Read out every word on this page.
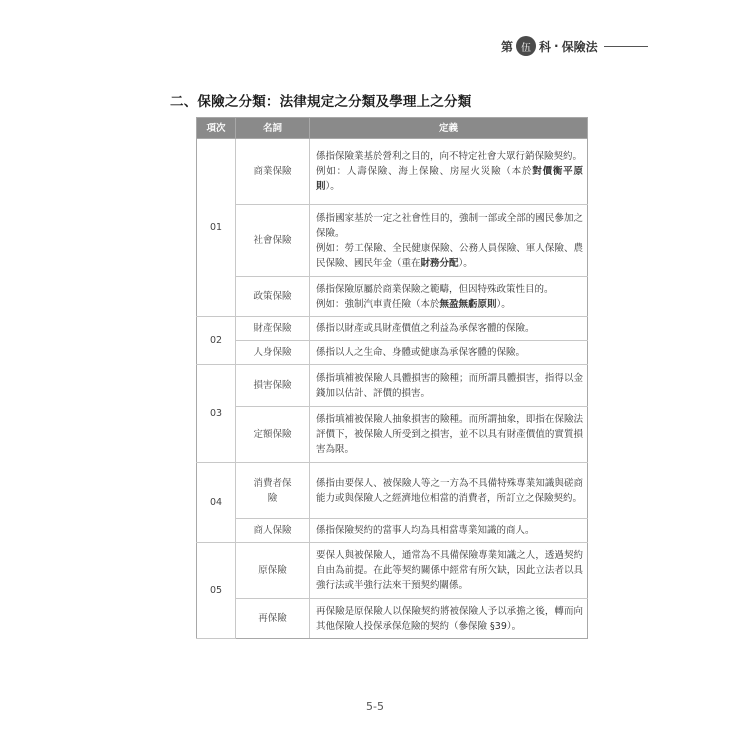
第 伍 科 · 保險法
二、保險之分類：法律規定之分類及學理上之分類
項次	名詞	定義
01	商業保險	係指保險業基於營利之目的，向不特定社會大眾行銷保險契約。
例如：人壽保險、海上保險、房屋火災險（本於對價衡平原則）。
	社會保險	係指國家基於一定之社會性目的，強制一部或全部的國民參加之保險。
例如：勞工保險、全民健康保險、公務人員保險、軍人保險、農民保險、國民年金（重在財務分配）。
	政策保險	係指保險原屬於商業保險之範疇，但因特殊政策性目的。
例如：強制汽車責任險（本於無盈無虧原則）。
02	財產保險	係指以財產或具財產價值之利益為承保客體的保險。
	人身保險	係指以人之生命、身體或健康為承保客體的保險。
03	損害保險	係指填補被保險人具體損害的險種；而所謂具體損害，指得以金錢加以估計、評價的損害。
	定額保險	係指填補被保險人抽象損害的險種。而所謂抽象，即指在保險法評價下，被保險人所受到之損害，並不以具有財產價值的實質損害為限。
04	消費者保險	係指由要保人、被保險人等之一方為不具備特殊專業知識與磋商能力或與保險人之經濟地位相當的消費者，所訂立之保險契約。
	商人保險	係指保險契約的當事人均為具相當專業知識的商人。
05	原保險	要保人與被保險人，通常為不具備保險專業知識之人，透過契約自由為前提。在此等契約關係中經常有所欠缺，因此立法者以具強行法或半強行法來干預契約關係。
	再保險	再保險是原保險人以保險契約將被保險人予以承擔之後，轉而向其他保險人投保承保危險的契約（參保險 §39）。
5-5
